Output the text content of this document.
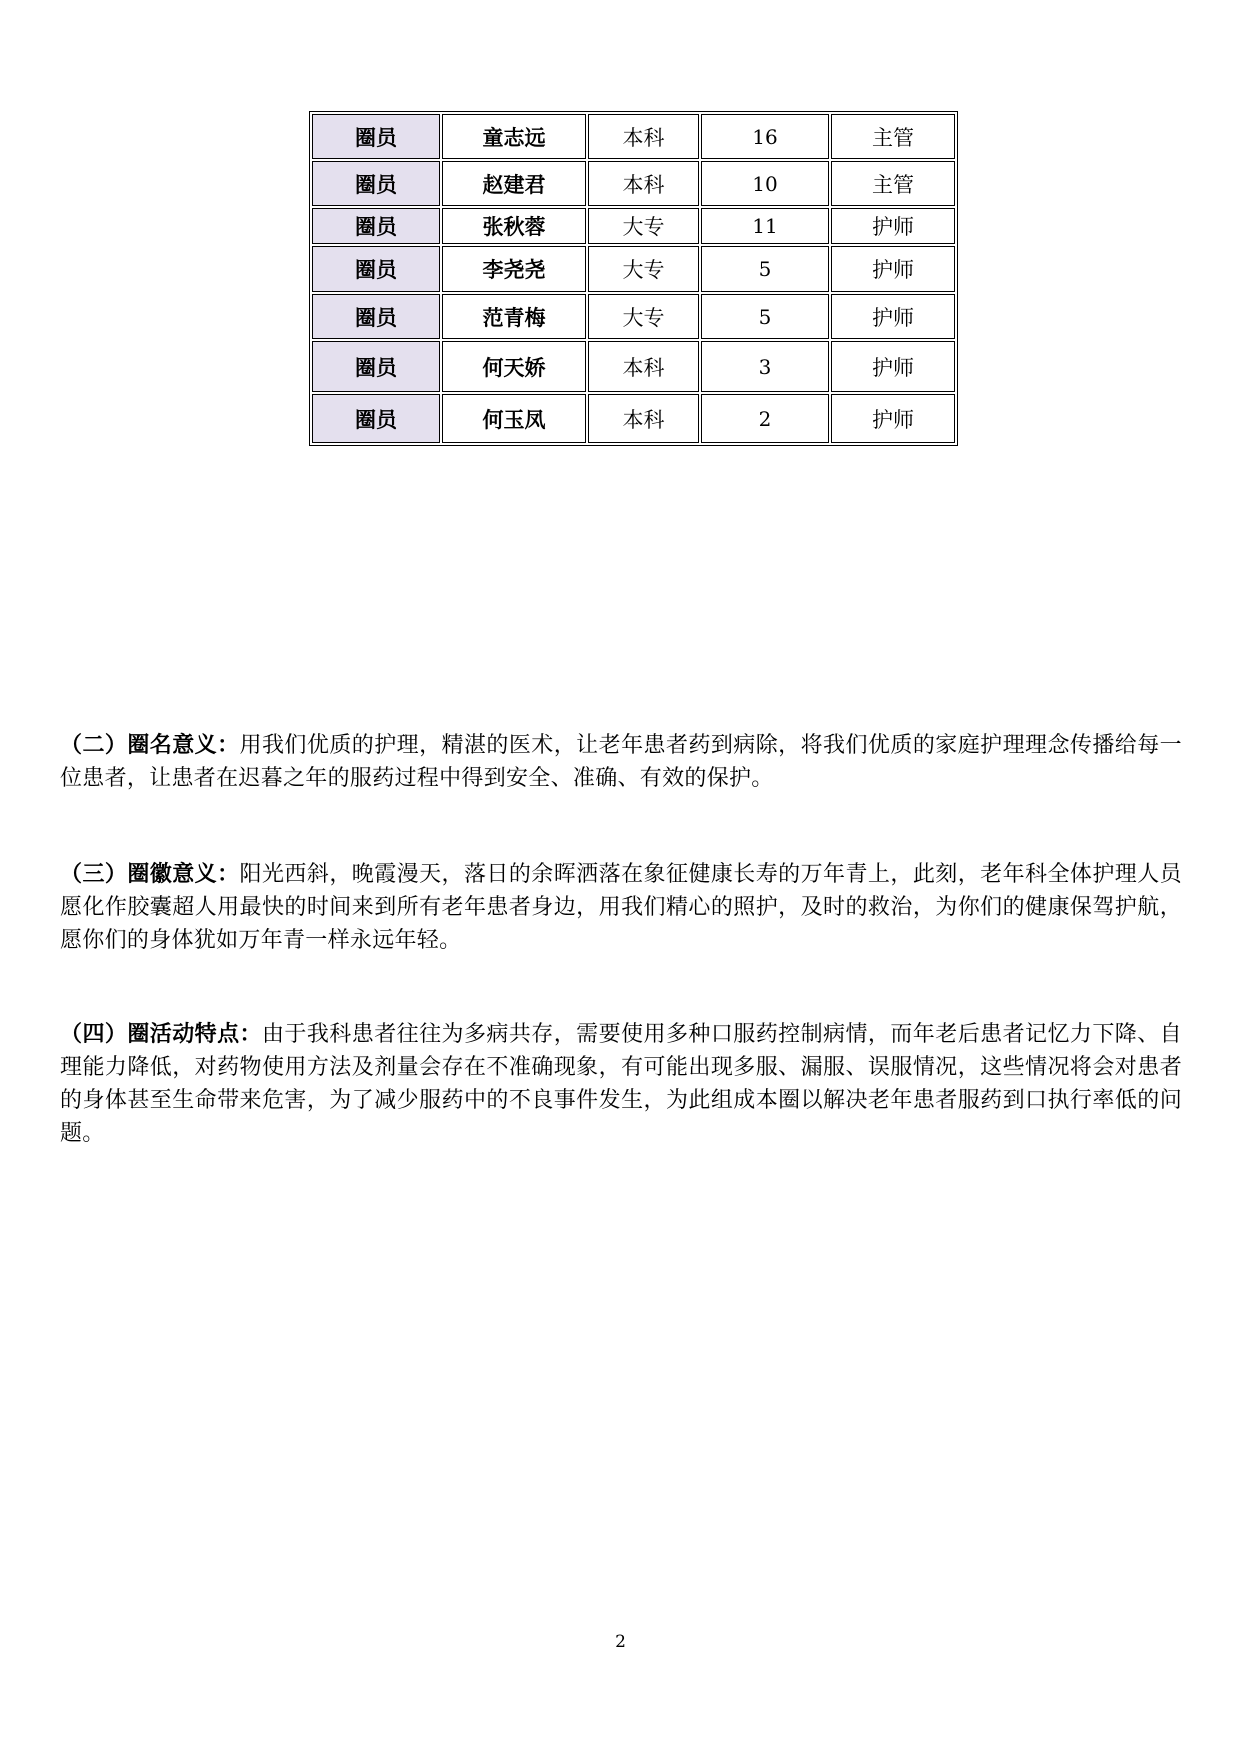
圈员	童志远	本科	16	主管
圈员	赵建君	本科	10	主管
圈员	张秋蓉	大专	11	护师
圈员	李尧尧	大专	5	护师
圈员	范青梅	大专	5	护师
圈员	何天娇	本科	3	护师
圈员	何玉凤	本科	2	护师

（二）圈名意义：用我们优质的护理，精湛的医术，让老年患者药到病除，将我们优质的家庭护理理念传播给每一位患者，让患者在迟暮之年的服药过程中得到安全、准确、有效的保护。

（三）圈徽意义：阳光西斜，晚霞漫天，落日的余晖洒落在象征健康长寿的万年青上，此刻，老年科全体护理人员愿化作胶囊超人用最快的时间来到所有老年患者身边，用我们精心的照护，及时的救治，为你们的健康保驾护航，愿你们的身体犹如万年青一样永远年轻。

（四）圈活动特点：由于我科患者往往为多病共存，需要使用多种口服药控制病情，而年老后患者记忆力下降、自理能力降低，对药物使用方法及剂量会存在不准确现象，有可能出现多服、漏服、误服情况，这些情况将会对患者的身体甚至生命带来危害，为了减少服药中的不良事件发生，为此组成本圈以解决老年患者服药到口执行率低的问题。

2
